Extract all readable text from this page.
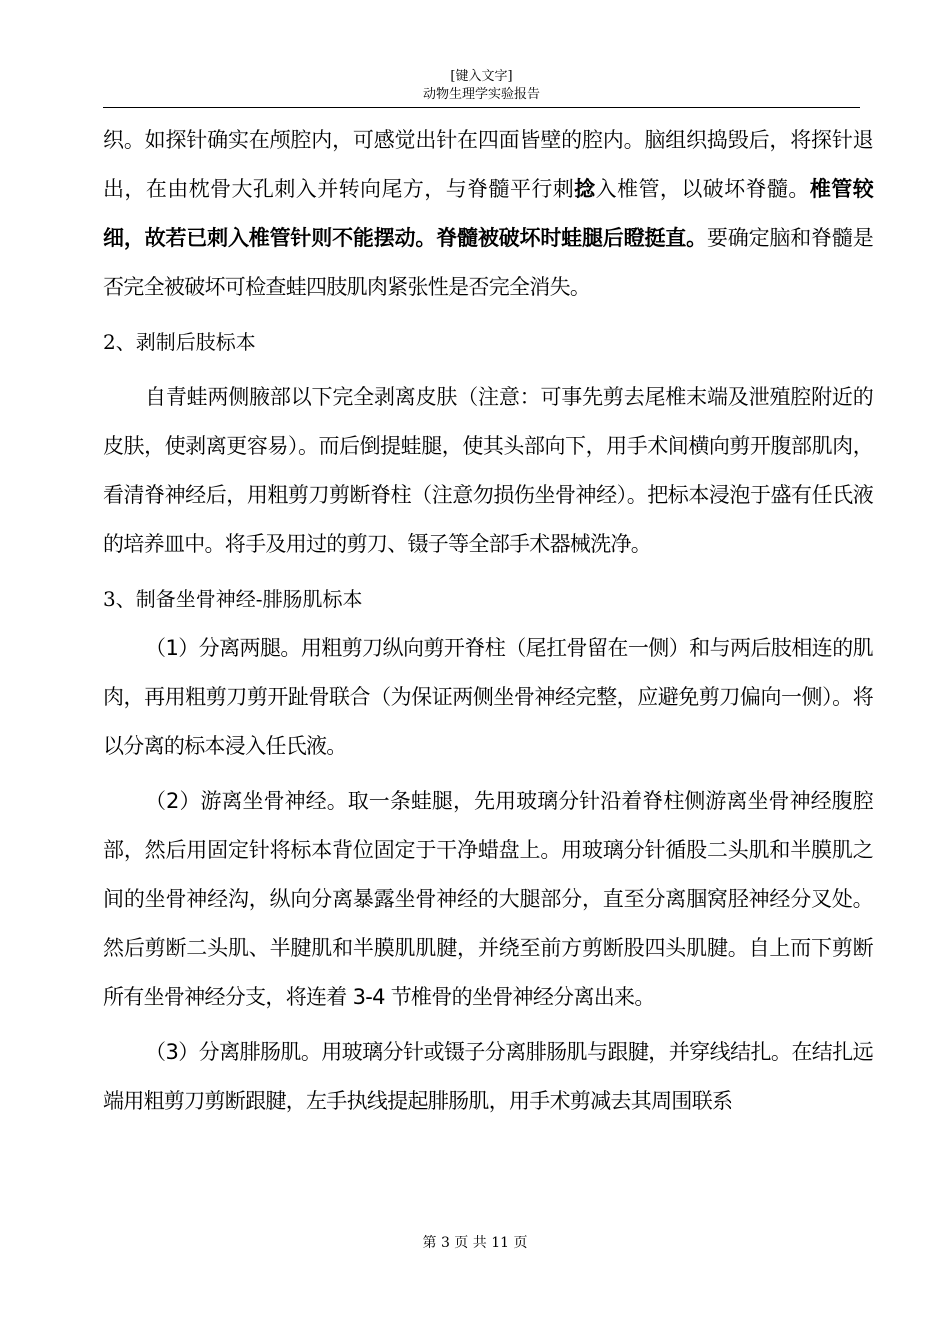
[键入文字]
动物生理学实验报告

织。如探针确实在颅腔内，可感觉出针在四面皆壁的腔内。脑组织捣毁后，将探针退出，在由枕骨大孔刺入并转向尾方，与脊髓平行刺捻入椎管，以破坏脊髓。椎管较细，故若已刺入椎管针则不能摆动。脊髓被破坏时蛙腿后瞪挺直。要确定脑和脊髓是否完全被破坏可检查蛙四肢肌肉紧张性是否完全消失。

2、剥制后肢标本

自青蛙两侧腋部以下完全剥离皮肤（注意：可事先剪去尾椎末端及泄殖腔附近的皮肤，使剥离更容易）。而后倒提蛙腿，使其头部向下，用手术间横向剪开腹部肌肉，看清脊神经后，用粗剪刀剪断脊柱（注意勿损伤坐骨神经）。把标本浸泡于盛有任氏液的培养皿中。将手及用过的剪刀、镊子等全部手术器械洗净。

3、制备坐骨神经-腓肠肌标本

（1）分离两腿。用粗剪刀纵向剪开脊柱（尾扛骨留在一侧）和与两后肢相连的肌肉，再用粗剪刀剪开趾骨联合（为保证两侧坐骨神经完整，应避免剪刀偏向一侧）。将以分离的标本浸入任氏液。

（2）游离坐骨神经。取一条蛙腿，先用玻璃分针沿着脊柱侧游离坐骨神经腹腔部，然后用固定针将标本背位固定于干净蜡盘上。用玻璃分针循股二头肌和半膜肌之间的坐骨神经沟，纵向分离暴露坐骨神经的大腿部分，直至分离腘窝胫神经分叉处。然后剪断二头肌、半腱肌和半膜肌肌腱，并绕至前方剪断股四头肌腱。自上而下剪断所有坐骨神经分支，将连着 3-4 节椎骨的坐骨神经分离出来。

（3）分离腓肠肌。用玻璃分针或镊子分离腓肠肌与跟腱，并穿线结扎。在结扎远端用粗剪刀剪断跟腱，左手执线提起腓肠肌，用手术剪减去其周围联系

第 3 页 共 11 页
